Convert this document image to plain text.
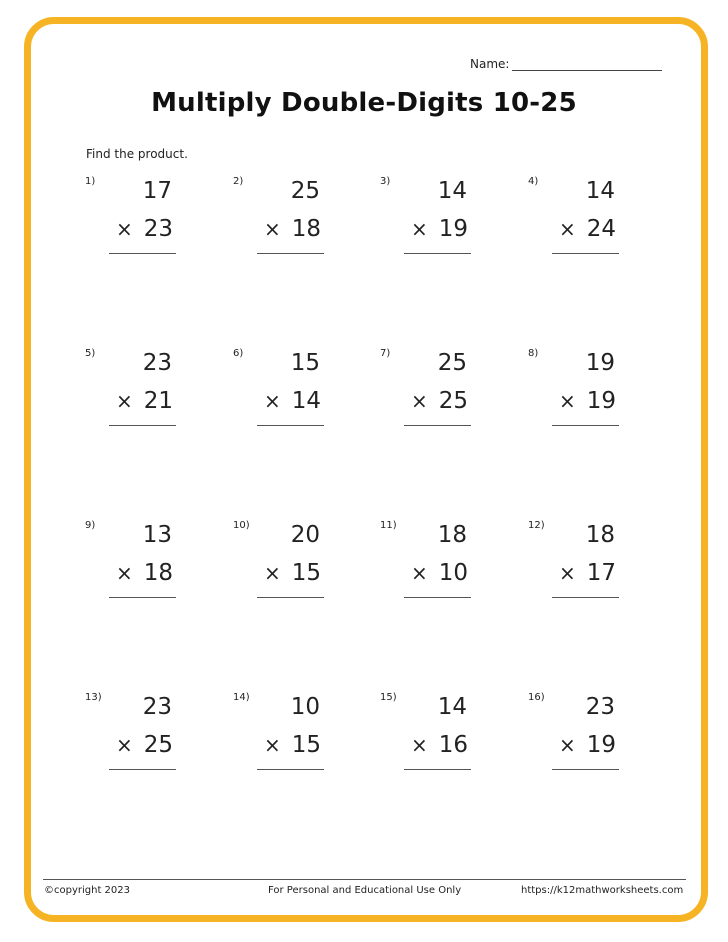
Name:
Multiply Double-Digits 10-25
Find the product.
1) 17
× 23
2) 25
× 18
3) 14
× 19
4) 14
× 24
5) 23
× 21
6) 15
× 14
7) 25
× 25
8) 19
× 19
9) 13
× 18
10) 20
× 15
11) 18
× 10
12) 18
× 17
13) 23
× 25
14) 10
× 15
15) 14
× 16
16) 23
× 19
©copyright 2023	For Personal and Educational Use Only	https://k12mathworksheets.com
